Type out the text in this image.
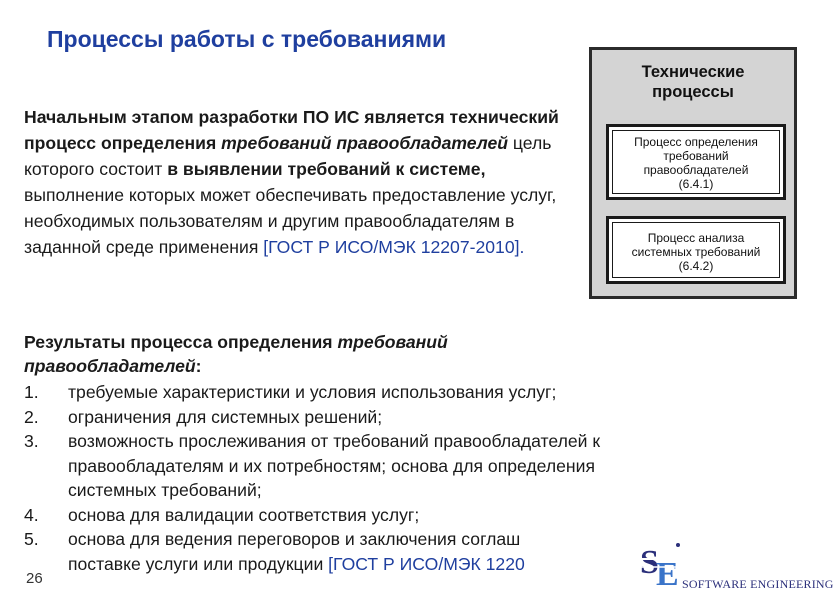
Процессы работы с требованиями
Начальным этапом разработки ПО ИС является технический процесс определения требований правообладателей цель которого состоит в выявлении требований к системе, выполнение которых может обеспечивать предоставление услуг, необходимых пользователям и другим правообладателям в заданной среде применения [ГОСТ Р ИСО/МЭК 12207-2010].
Технические
процессы
Процесс определения
требований
правообладателей
(6.4.1)
Процесс анализа
системных требований
(6.4.2)
Результаты процесса определения требований правообладателей:
1. требуемые характеристики и условия использования услуг;
2. ограничения для системных решений;
3. возможность прослеживания от требований правообладателей к
правообладателям и их потребностям; основа для определения
системных требований;
4. основа для валидации соответствия услуг;
5. основа для ведения переговоров и заключения соглаш
поставке услуги или продукции [ГОСТ Р ИСО/МЭК 1220
26	S
E SOFTWARE ENGINEERING
